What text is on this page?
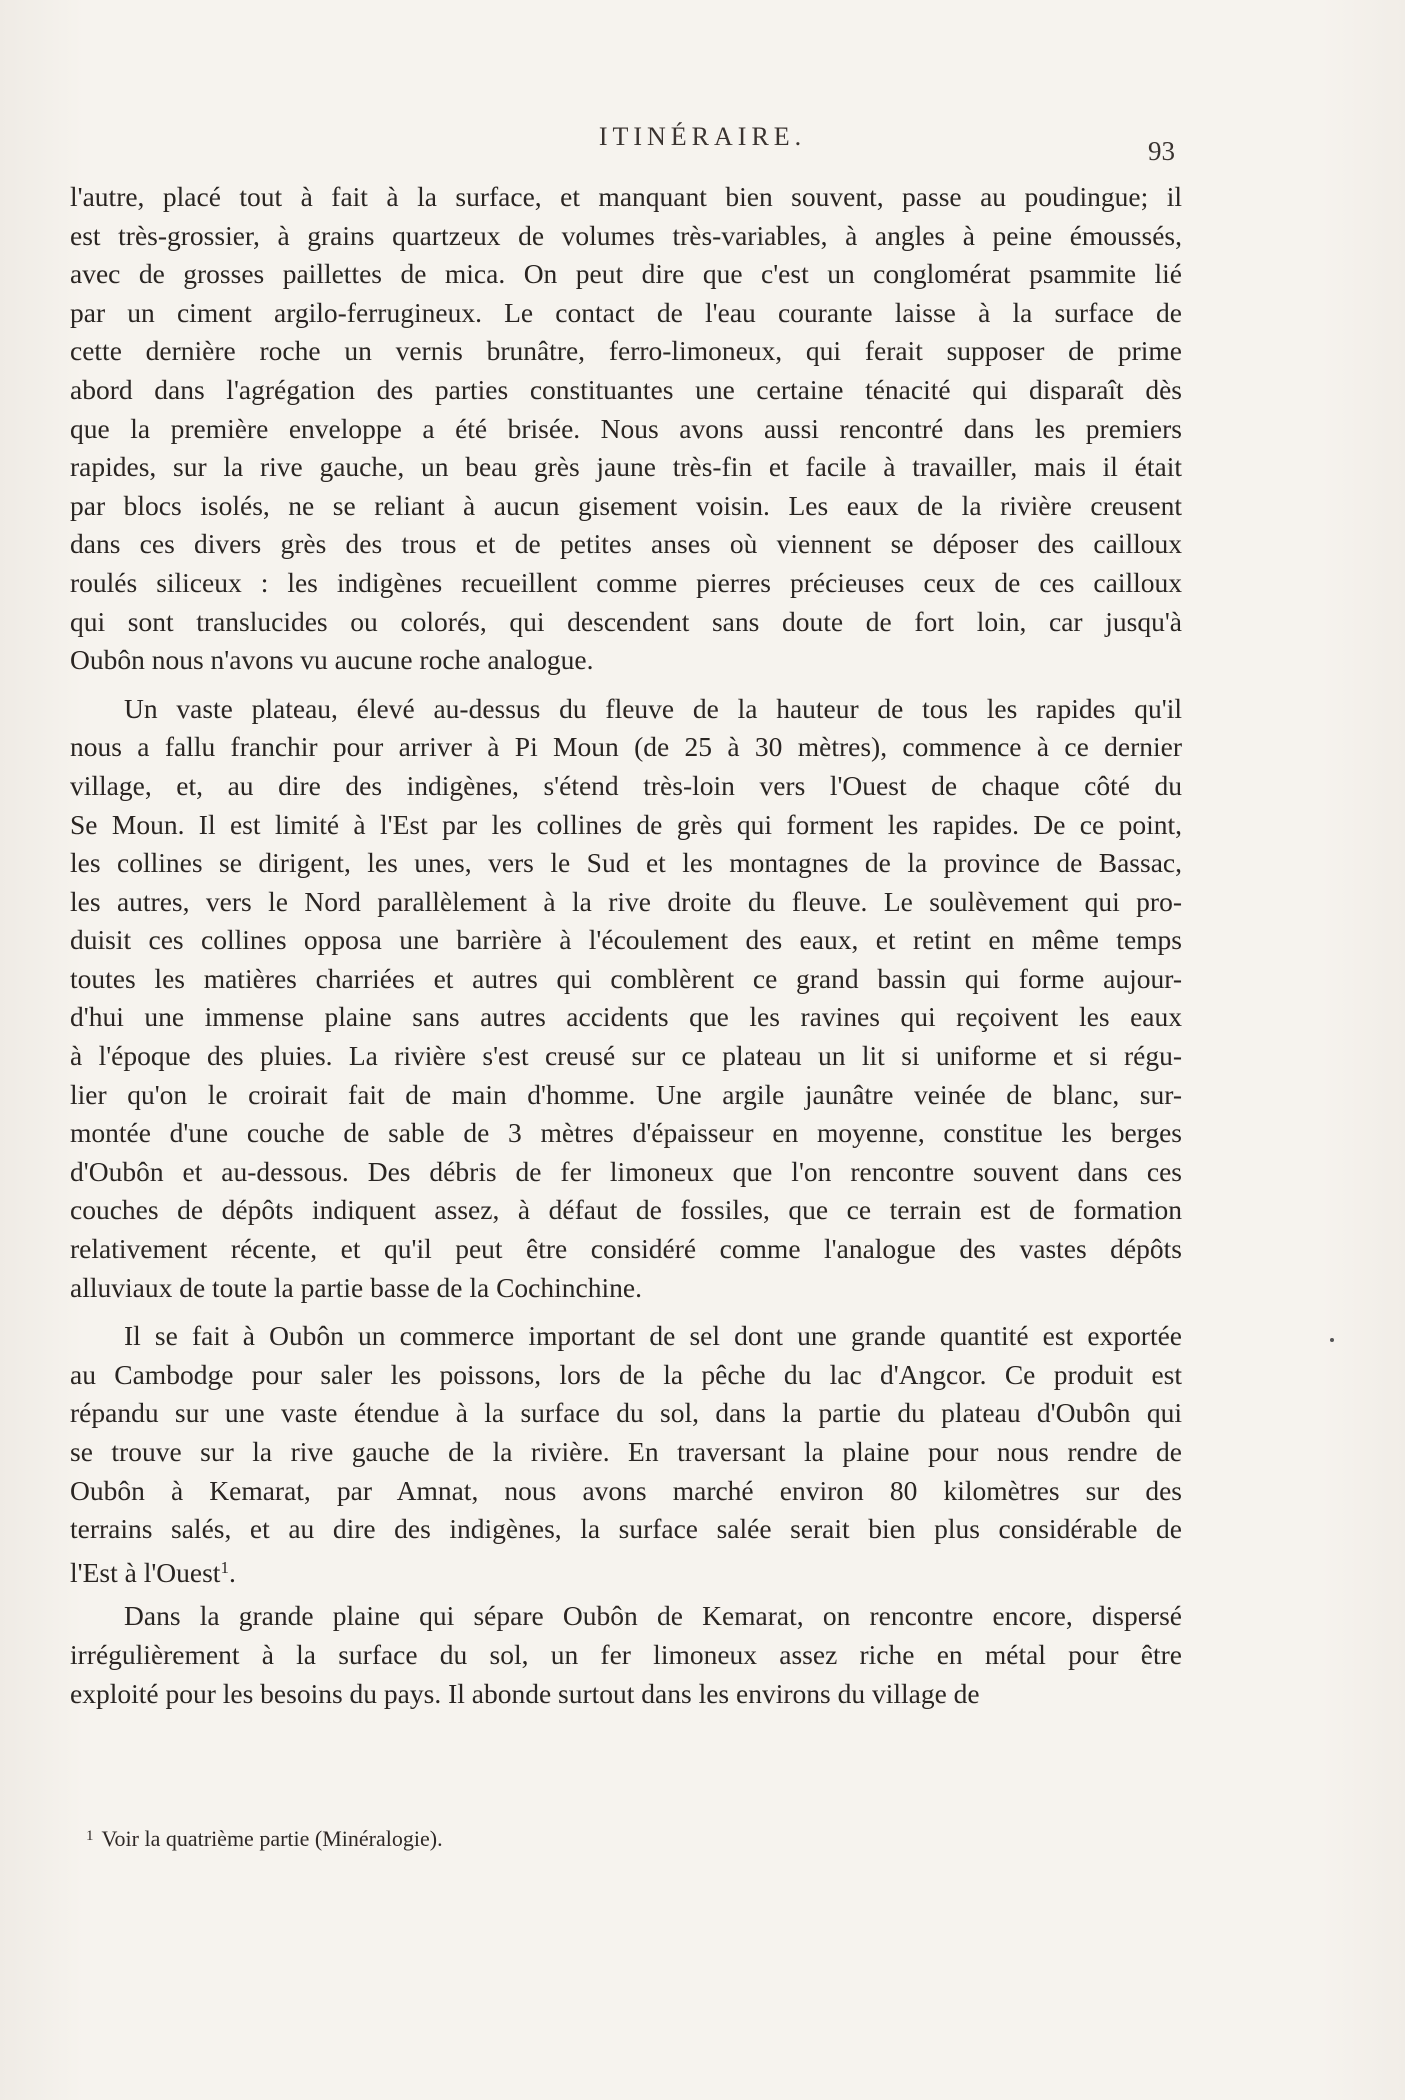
ITINÉRAIRE.	93
l'autre, placé tout à fait à la surface, et manquant bien souvent, passe au poudingue; il
est très-grossier, à grains quartzeux de volumes très-variables, à angles à peine émoussés,
avec de grosses paillettes de mica. On peut dire que c'est un conglomérat psammite lié
par un ciment argilo-ferrugineux. Le contact de l'eau courante laisse à la surface de
cette dernière roche un vernis brunâtre, ferro-limoneux, qui ferait supposer de prime
abord dans l'agrégation des parties constituantes une certaine ténacité qui disparaît dès
que la première enveloppe a été brisée. Nous avons aussi rencontré dans les premiers
rapides, sur la rive gauche, un beau grès jaune très-fin et facile à travailler, mais il était
par blocs isolés, ne se reliant à aucun gisement voisin. Les eaux de la rivière creusent
dans ces divers grès des trous et de petites anses où viennent se déposer des cailloux
roulés siliceux : les indigènes recueillent comme pierres précieuses ceux de ces cailloux
qui sont translucides ou colorés, qui descendent sans doute de fort loin, car jusqu'à
Oubôn nous n'avons vu aucune roche analogue.
Un vaste plateau, élevé au-dessus du fleuve de la hauteur de tous les rapides qu'il
nous a fallu franchir pour arriver à Pi Moun (de 25 à 30 mètres), commence à ce dernier
village, et, au dire des indigènes, s'étend très-loin vers l'Ouest de chaque côté du
Se Moun. Il est limité à l'Est par les collines de grès qui forment les rapides. De ce point,
les collines se dirigent, les unes, vers le Sud et les montagnes de la province de Bassac,
les autres, vers le Nord parallèlement à la rive droite du fleuve. Le soulèvement qui pro-
duisit ces collines opposa une barrière à l'écoulement des eaux, et retint en même temps
toutes les matières charriées et autres qui comblèrent ce grand bassin qui forme aujour-
d'hui une immense plaine sans autres accidents que les ravines qui reçoivent les eaux
à l'époque des pluies. La rivière s'est creusé sur ce plateau un lit si uniforme et si régu-
lier qu'on le croirait fait de main d'homme. Une argile jaunâtre veinée de blanc, sur-
montée d'une couche de sable de 3 mètres d'épaisseur en moyenne, constitue les berges
d'Oubôn et au-dessous. Des débris de fer limoneux que l'on rencontre souvent dans ces
couches de dépôts indiquent assez, à défaut de fossiles, que ce terrain est de formation
relativement récente, et qu'il peut être considéré comme l'analogue des vastes dépôts
alluviaux de toute la partie basse de la Cochinchine.
Il se fait à Oubôn un commerce important de sel dont une grande quantité est exportée
au Cambodge pour saler les poissons, lors de la pêche du lac d'Angcor. Ce produit est
répandu sur une vaste étendue à la surface du sol, dans la partie du plateau d'Oubôn qui
se trouve sur la rive gauche de la rivière. En traversant la plaine pour nous rendre de
Oubôn à Kemarat, par Amnat, nous avons marché environ 80 kilomètres sur des
terrains salés, et au dire des indigènes, la surface salée serait bien plus considérable de
l'Est à l'Ouest$^1$.
Dans la grande plaine qui sépare Oubôn de Kemarat, on rencontre encore, dispersé
irrégulièrement à la surface du sol, un fer limoneux assez riche en métal pour être
exploité pour les besoins du pays. Il abonde surtout dans les environs du village de
$^1$ Voir la quatrième partie (Minéralogie).
